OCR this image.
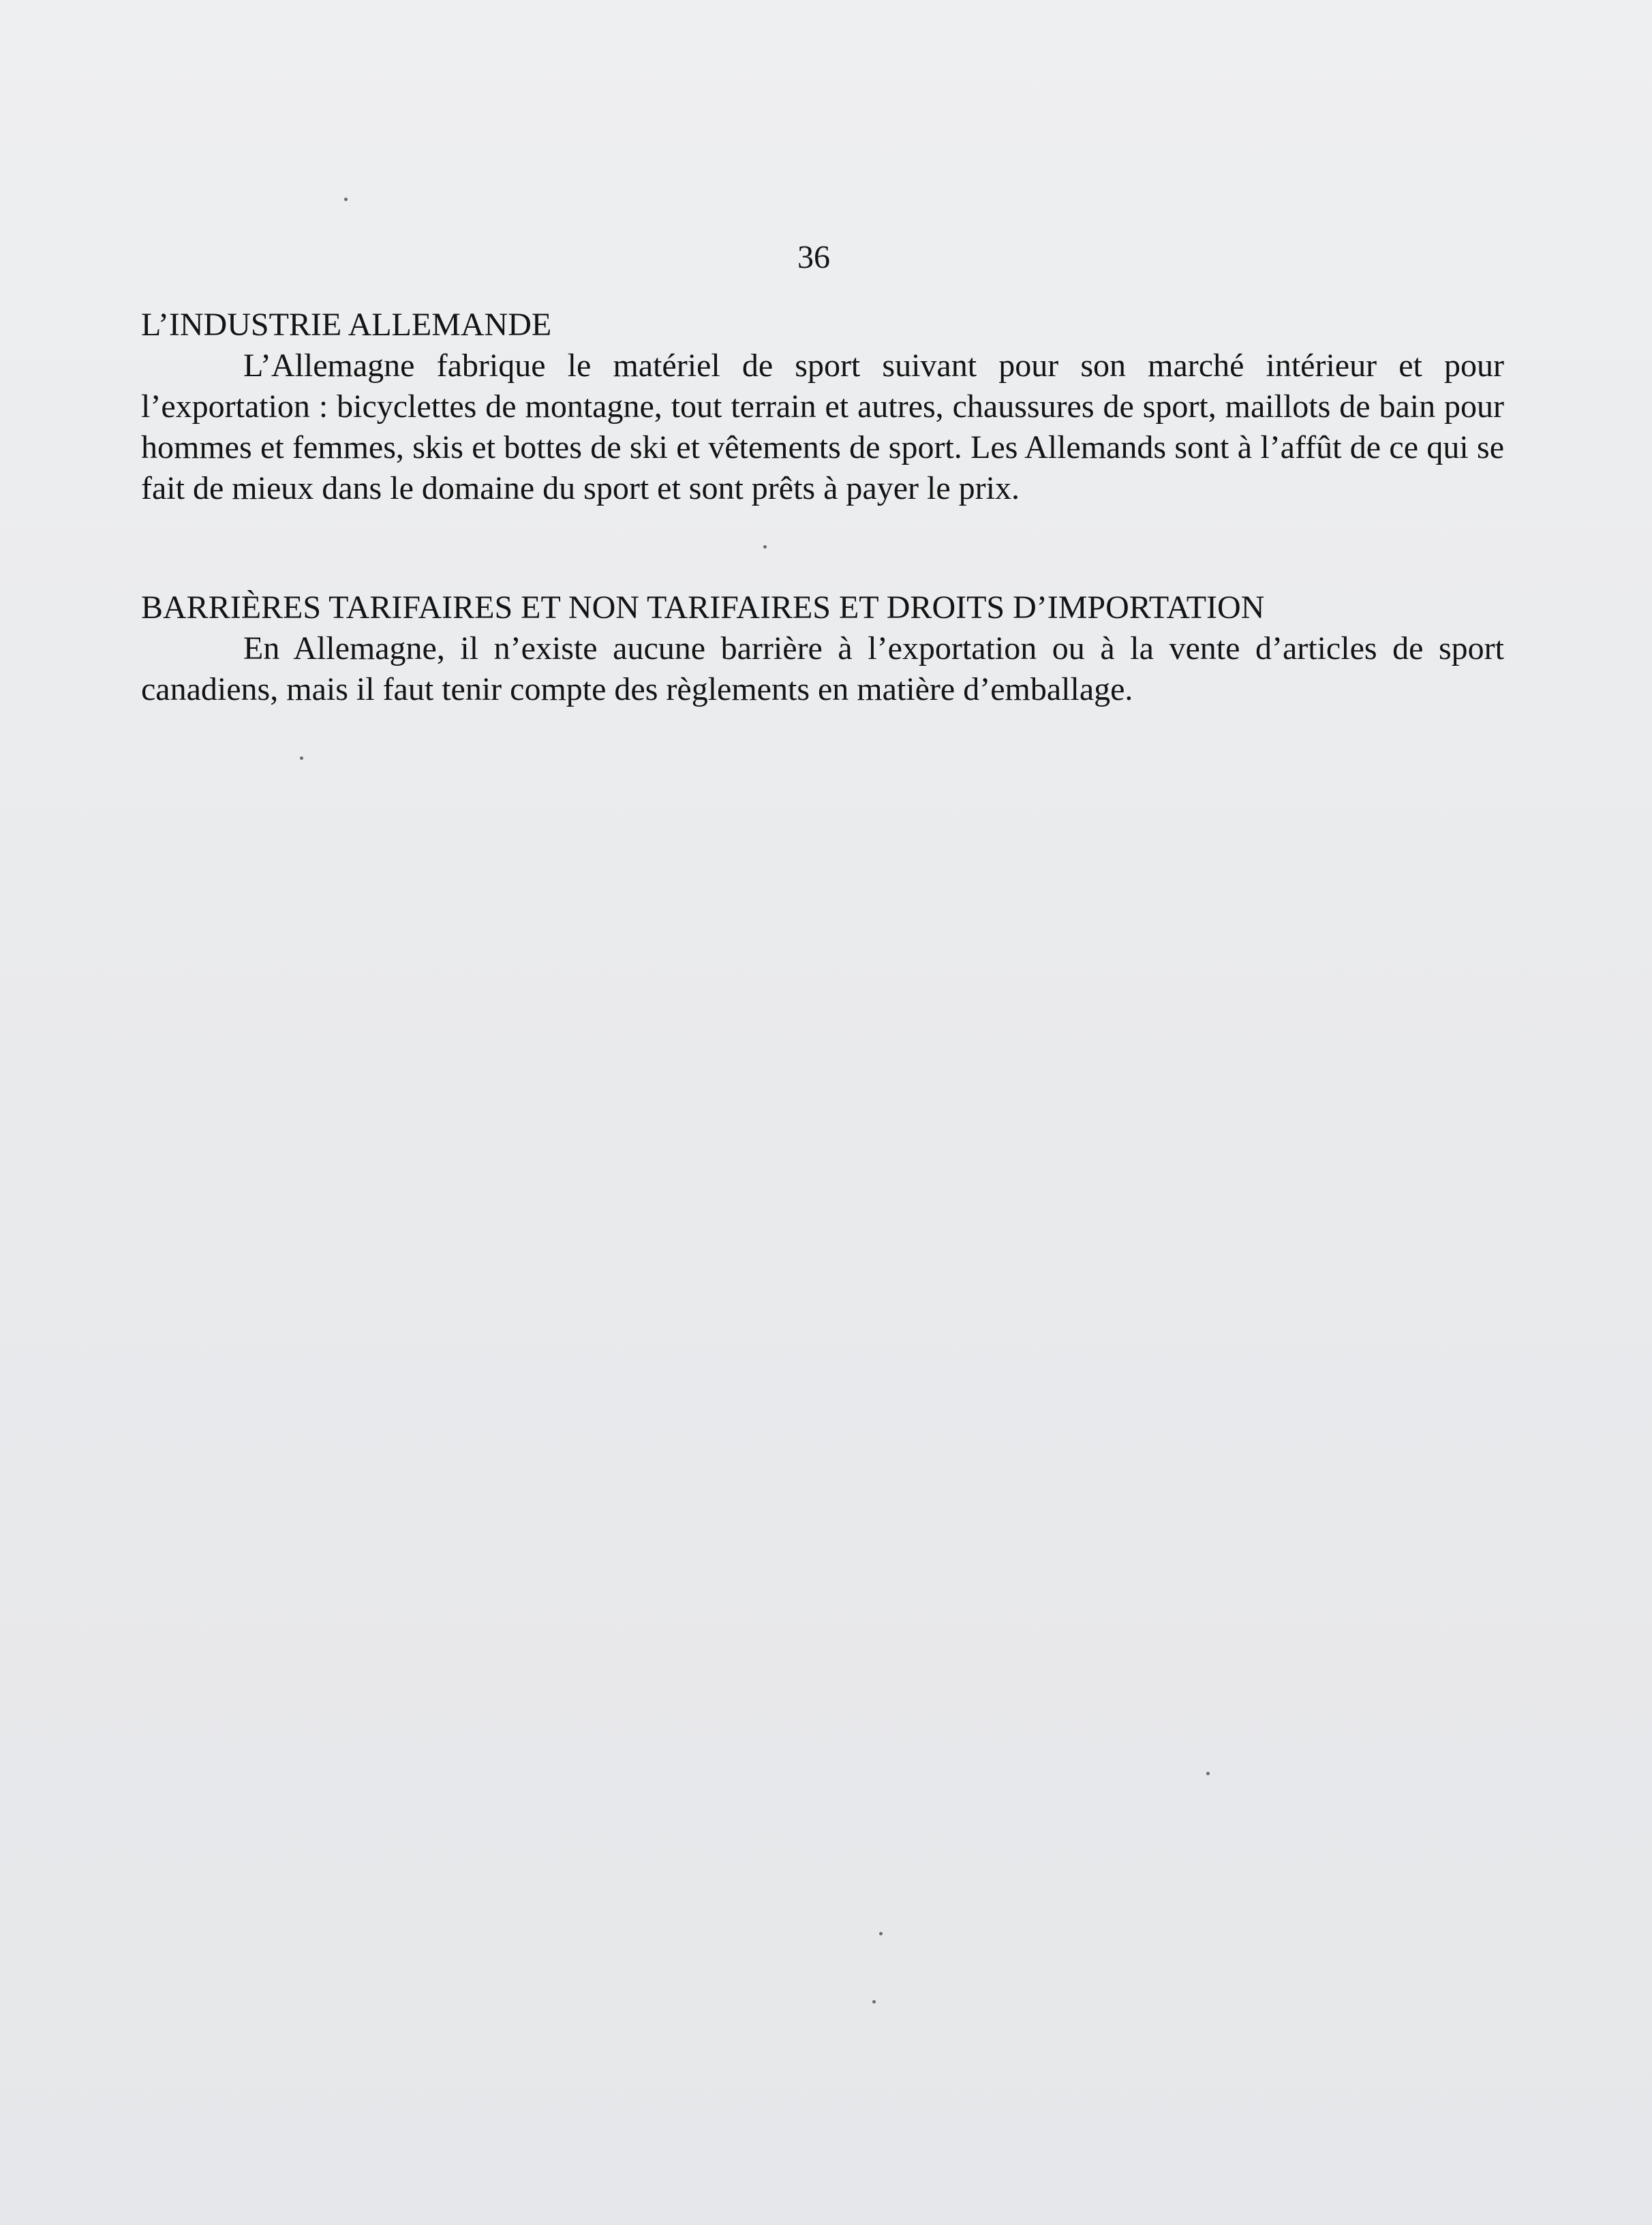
36
L’INDUSTRIE ALLEMANDE

L’Allemagne fabrique le matériel de sport suivant pour son marché intérieur et pour l’exportation : bicyclettes de montagne, tout terrain et autres, chaussures de sport, maillots de bain pour hommes et femmes, skis et bottes de ski et vêtements de sport. Les Allemands sont à l’affût de ce qui se fait de mieux dans le domaine du sport et sont prêts à payer le prix.

BARRIÈRES TARIFAIRES ET NON TARIFAIRES ET DROITS D’IMPORTATION

En Allemagne, il n’existe aucune barrière à l’exportation ou à la vente d’articles de sport canadiens, mais il faut tenir compte des règlements en matière d’emballage.
